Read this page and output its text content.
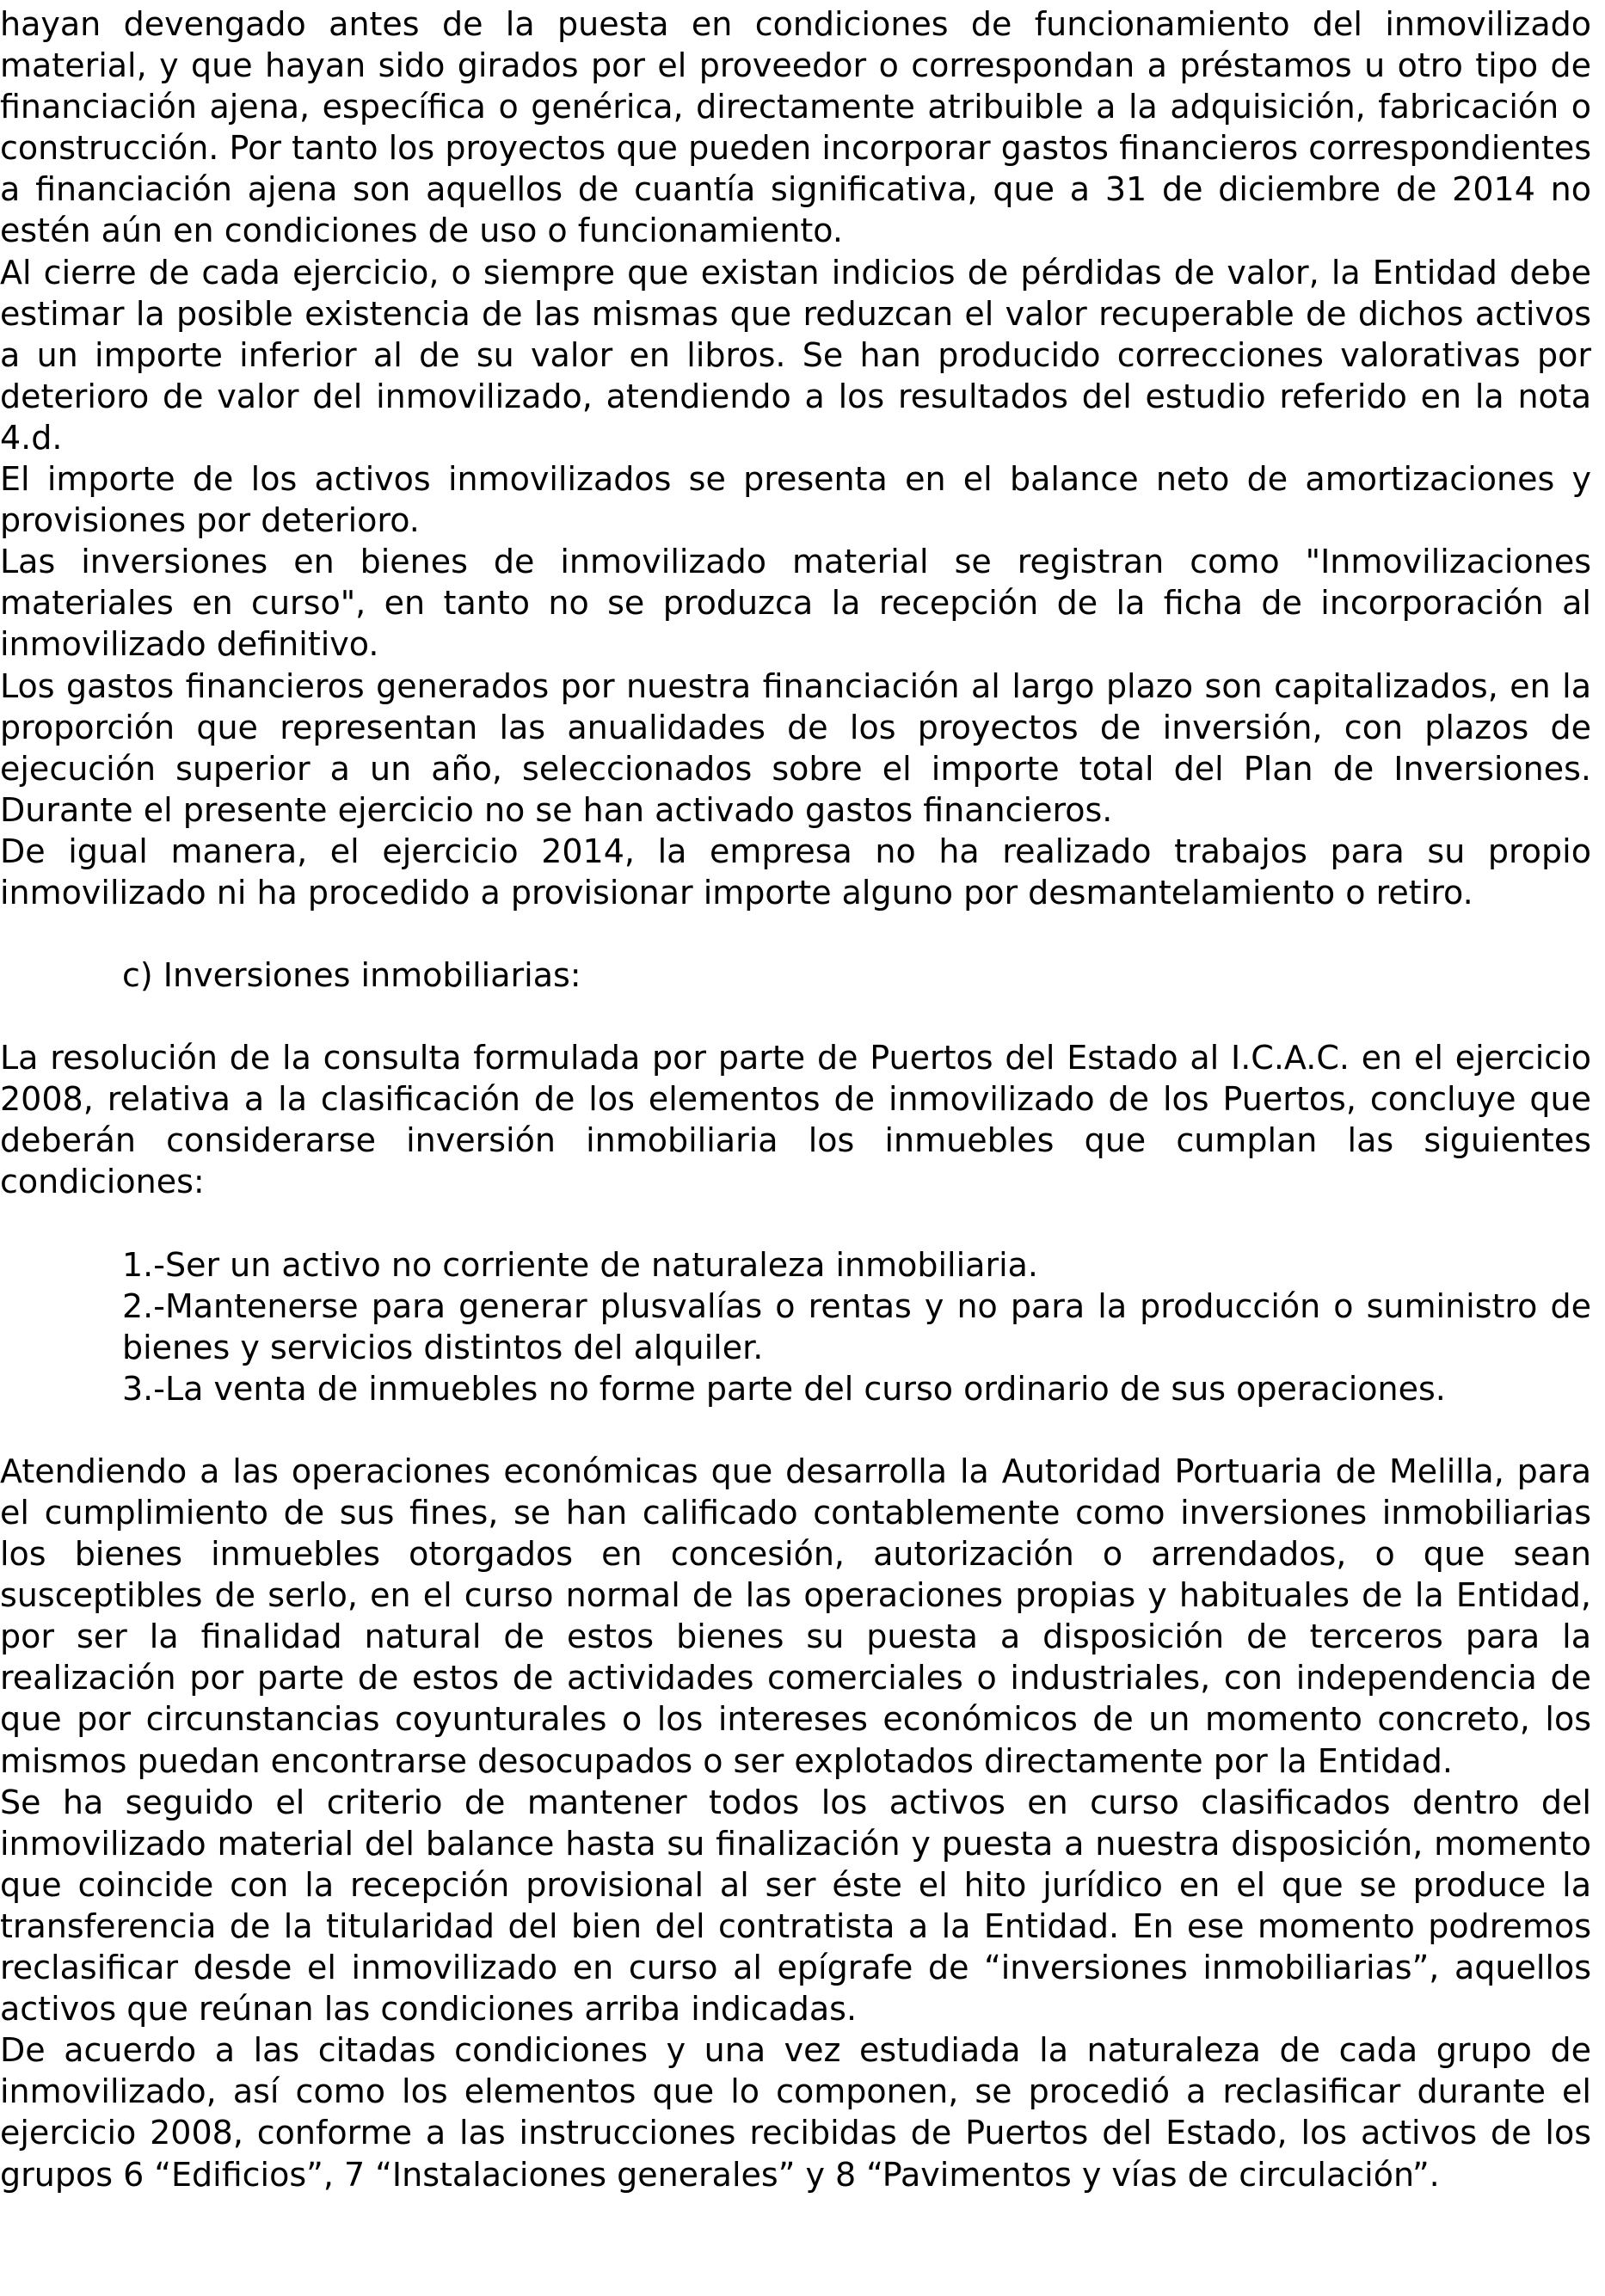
hayan devengado antes de la puesta en condiciones de funcionamiento del inmovilizado material, y que hayan sido girados por el proveedor o correspondan a préstamos u otro tipo de financiación ajena, específica o genérica, directamente atribuible a la adquisición, fabricación o construcción. Por tanto los proyectos que pueden incorporar gastos financieros correspondientes a financiación ajena son aquellos de cuantía significativa, que a 31 de diciembre de 2014 no estén aún en condiciones de uso o funcionamiento.

Al cierre de cada ejercicio, o siempre que existan indicios de pérdidas de valor, la Entidad debe estimar la posible existencia de las mismas que reduzcan el valor recuperable de dichos activos a un importe inferior al de su valor en libros. Se han producido correcciones valorativas por deterioro de valor del inmovilizado, atendiendo a los resultados del estudio referido en la nota 4.d.

El importe de los activos inmovilizados se presenta en el balance neto de amortizaciones y provisiones por deterioro.

Las inversiones en bienes de inmovilizado material se registran como "Inmovilizaciones materiales en curso", en tanto no se produzca la recepción de la ficha de incorporación al inmovilizado definitivo.

Los gastos financieros generados por nuestra financiación al largo plazo son capitalizados, en la proporción que representan las anualidades de los proyectos de inversión, con plazos de ejecución superior a un año, seleccionados sobre el importe total del Plan de Inversiones. Durante el presente ejercicio no se han activado gastos financieros.

De igual manera, el ejercicio 2014, la empresa no ha realizado trabajos para su propio inmovilizado ni ha procedido a provisionar importe alguno por desmantelamiento o retiro.

c) Inversiones inmobiliarias:

La resolución de la consulta formulada por parte de Puertos del Estado al I.C.A.C. en el ejercicio 2008, relativa a la clasificación de los elementos de inmovilizado de los Puertos, concluye que deberán considerarse inversión inmobiliaria los inmuebles que cumplan las siguientes condiciones:

1.-Ser un activo no corriente de naturaleza inmobiliaria.

2.-Mantenerse para generar plusvalías o rentas y no para la producción o suministro de bienes y servicios distintos del alquiler.

3.-La venta de inmuebles no forme parte del curso ordinario de sus operaciones.

Atendiendo a las operaciones económicas que desarrolla la Autoridad Portuaria de Melilla, para el cumplimiento de sus fines, se han calificado contablemente como inversiones inmobiliarias los bienes inmuebles otorgados en concesión, autorización o arrendados, o que sean susceptibles de serlo, en el curso normal de las operaciones propias y habituales de la Entidad, por ser la finalidad natural de estos bienes su puesta a disposición de terceros para la realización por parte de estos de actividades comerciales o industriales, con independencia de que por circunstancias coyunturales o los intereses económicos de un momento concreto, los mismos puedan encontrarse desocupados o ser explotados directamente por la Entidad.

Se ha seguido el criterio de mantener todos los activos en curso clasificados dentro del inmovilizado material del balance hasta su finalización y puesta a nuestra disposición, momento que coincide con la recepción provisional al ser éste el hito jurídico en el que se produce la transferencia de la titularidad del bien del contratista a la Entidad. En ese momento podremos reclasificar desde el inmovilizado en curso al epígrafe de “inversiones inmobiliarias”, aquellos activos que reúnan las condiciones arriba indicadas.

De acuerdo a las citadas condiciones y una vez estudiada la naturaleza de cada grupo de inmovilizado, así como los elementos que lo componen, se procedió a reclasificar durante el ejercicio 2008, conforme a las instrucciones recibidas de Puertos del Estado, los activos de los grupos 6 “Edificios”, 7 “Instalaciones generales” y 8 “Pavimentos y vías de circulación”.
